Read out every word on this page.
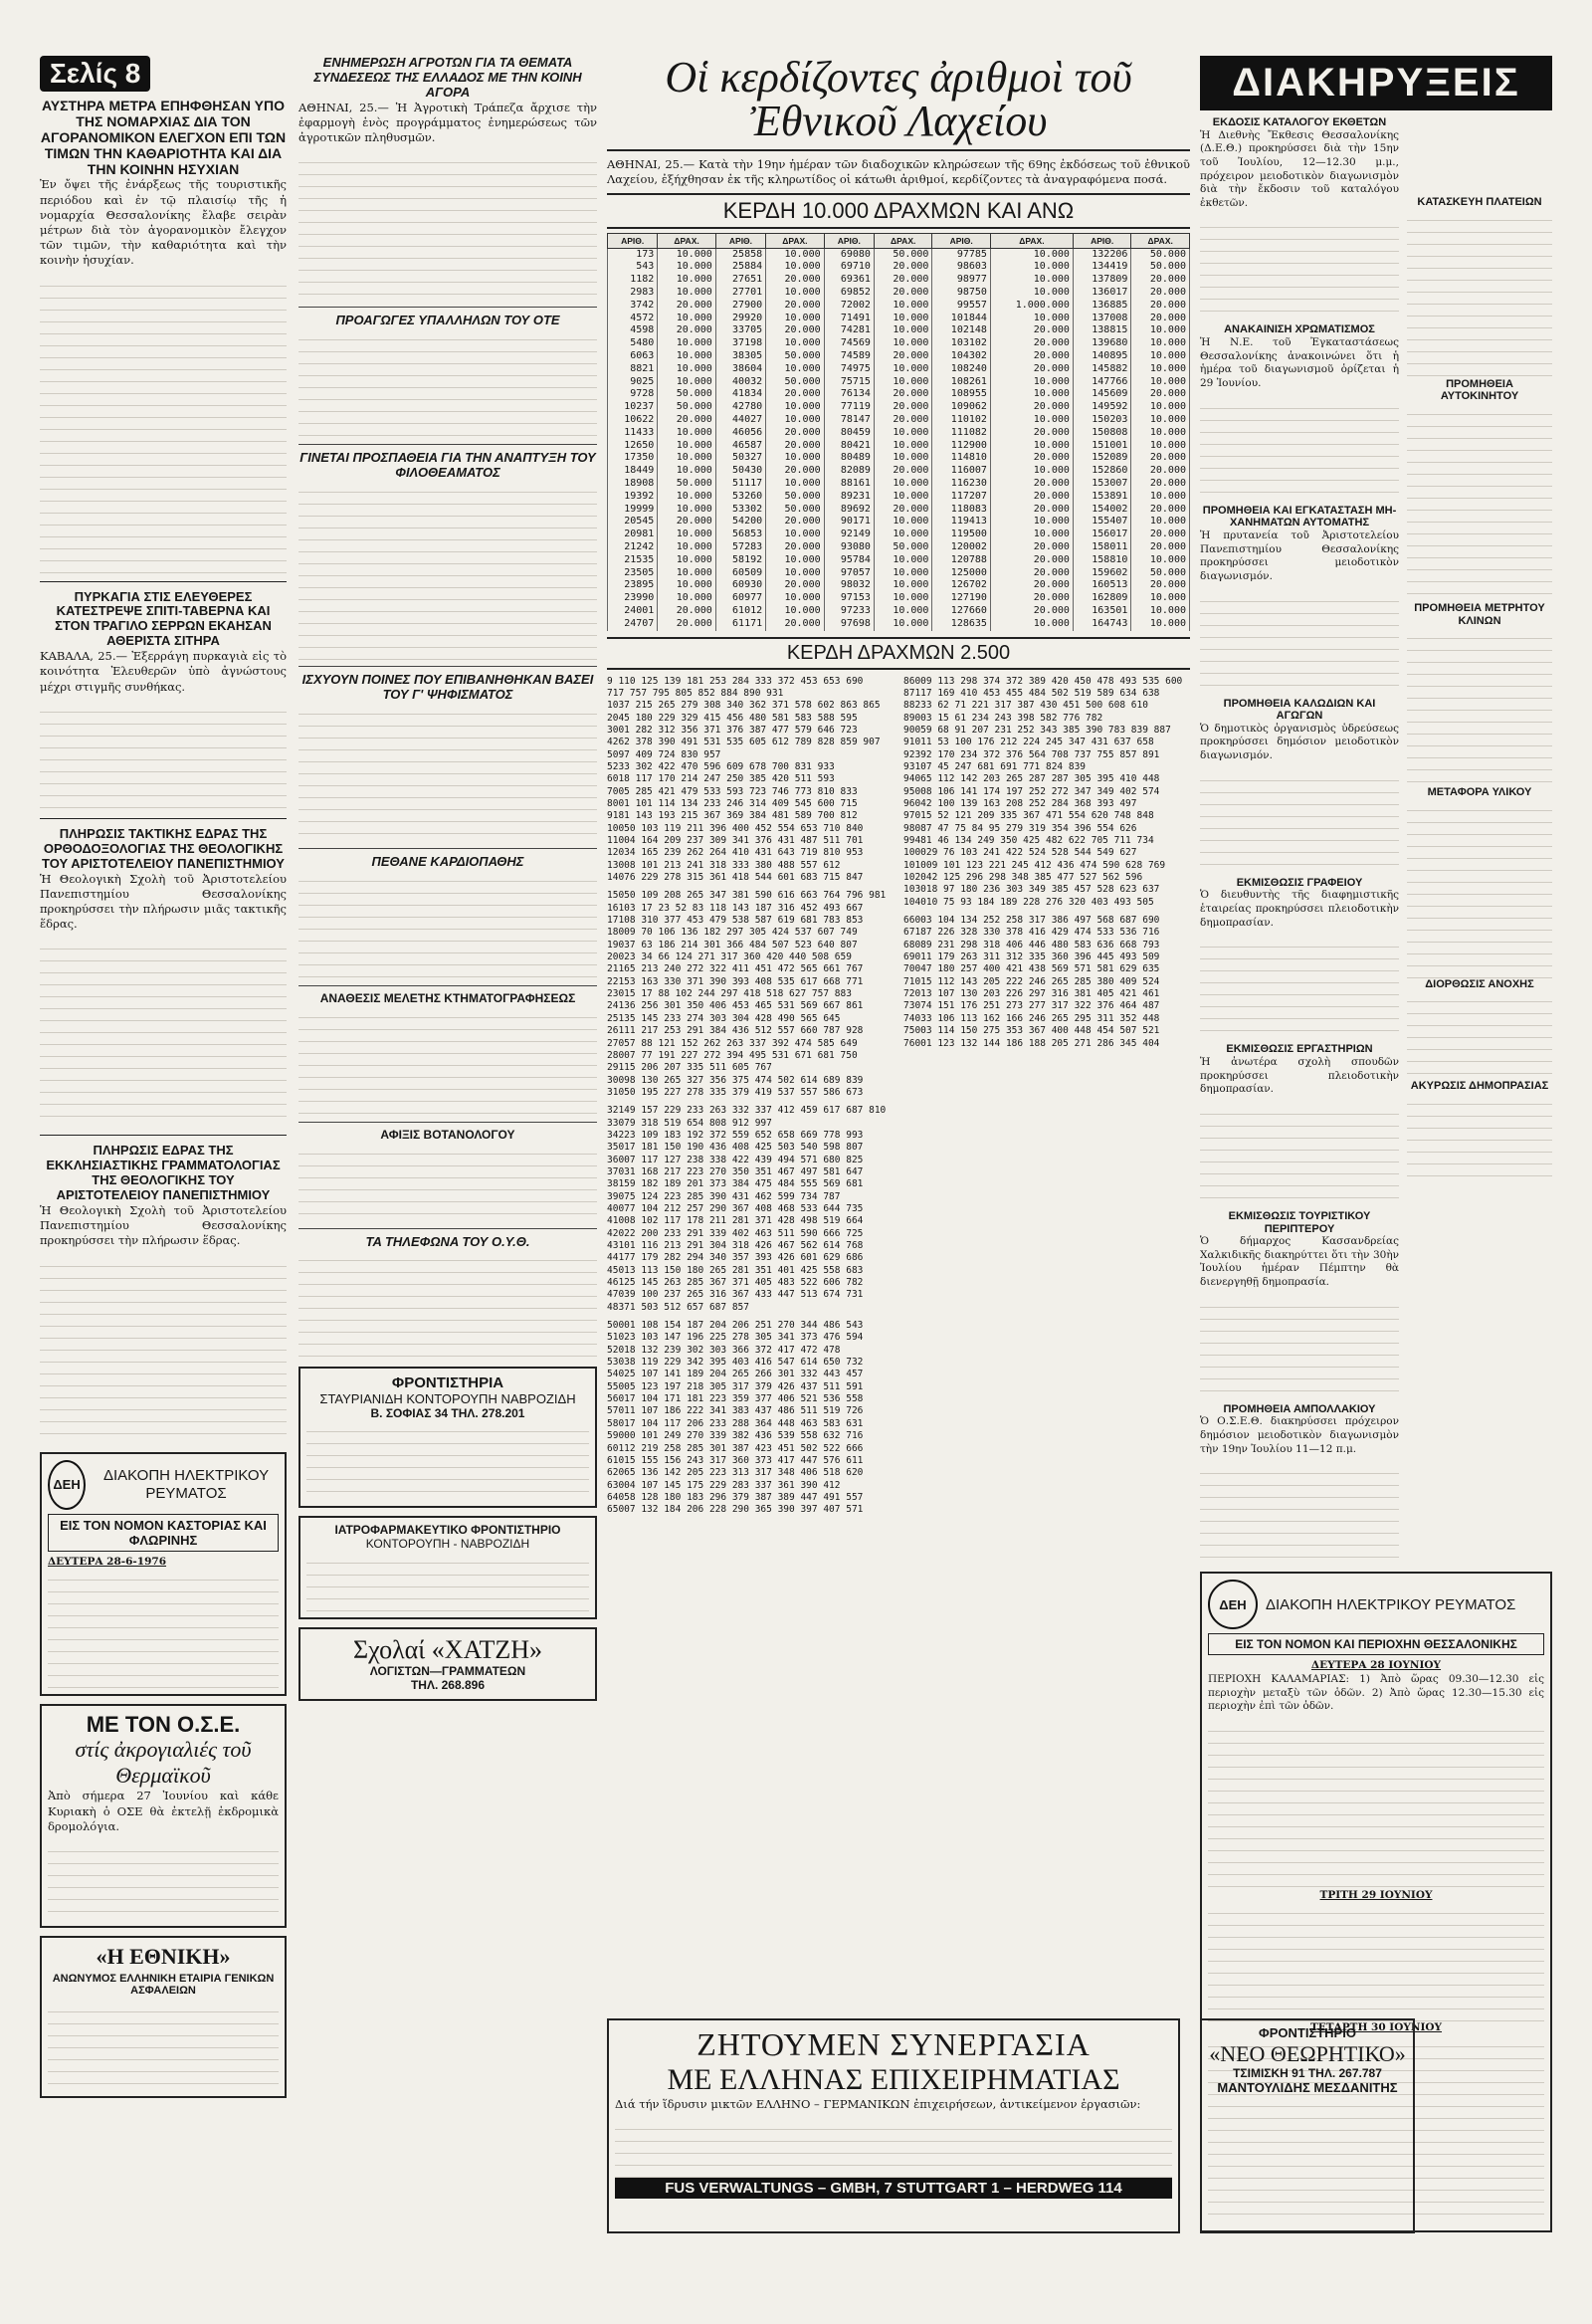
Σελίς 8
ΑΥΣΤΗΡΑ ΜΕΤΡΑ ΕΠΗΦΘΗΣΑΝ ΥΠΟ ΤΗΣ ΝΟΜΑΡΧΙΑΣ ΔΙΑ ΤΟΝ ΑΓΟΡΑΝΟΜΙΚΟΝ ΕΛΕΓΧΟΝ ΕΠΙ ΤΩΝ ΤΙΜΩΝ ΤΗΝ ΚΑΘΑΡΙΟΤΗΤΑ ΚΑΙ ΔΙΑ ΤΗΝ ΚΟΙΝΗΝ ΗΣΥΧΙΑΝ

Ἐν ὄψει τῆς ἐνάρξεως τῆς τουριστικῆς περιόδου καὶ ἐν τῷ πλαισίῳ τῆς ἡ νομαρχία Θεσσαλονίκης ἔλαβε σειρὰν μέτρων διὰ τὸν ἀγορανομικὸν ἔλεγχον τῶν τιμῶν, τὴν καθαριότητα καὶ τὴν κοινὴν ἡσυχίαν.

ΠΥΡΚΑΓΙΑ ΣΤΙΣ ΕΛΕΥΘΕΡΕΣ ΚΑΤΕΣΤΡΕΨΕ ΣΠΙΤΙ-ΤΑΒΕΡΝΑ ΚΑΙ ΣΤΟΝ ΤΡΑΓΙΛΟ ΣΕΡΡΩΝ ΕΚΑΗΣΑΝ ΑΘΕΡΙΣΤΑ ΣΙΤΗΡΑ

ΚΑΒΑΛΑ, 25.— Ἐξερράγη πυρκαγιὰ εἰς τὸ κοινότητα Ἐλευθερῶν ὑπὸ ἀγνώστους μέχρι στιγμῆς συνθήκας.

ΠΛΗΡΩΣΙΣ ΤΑΚΤΙΚΗΣ ΕΔΡΑΣ ΤΗΣ ΟΡΘΟΔΟΞΟΛΟΓΙΑΣ ΤΗΣ ΘΕΟΛΟΓΙΚΗΣ ΤΟΥ ΑΡΙΣΤΟΤΕΛΕΙΟΥ ΠΑΝΕΠΙΣΤΗΜΙΟΥ

Ἡ Θεολογικὴ Σχολὴ τοῦ Ἀριστοτελείου Πανεπιστημίου Θεσσαλονίκης προκηρύσσει τὴν πλήρωσιν μιᾶς τακτικῆς ἕδρας.

ΠΛΗΡΩΣΙΣ ΕΔΡΑΣ ΤΗΣ ΕΚΚΛΗΣΙΑΣΤΙΚΗΣ ΓΡΑΜΜΑΤΟΛΟΓΙΑΣ ΤΗΣ ΘΕΟΛΟΓΙΚΗΣ ΤΟΥ ΑΡΙΣΤΟΤΕΛΕΙΟΥ ΠΑΝΕΠΙΣΤΗΜΙΟΥ

Ἡ Θεολογικὴ Σχολὴ τοῦ Ἀριστοτελείου Πανεπιστημίου Θεσσαλονίκης προκηρύσσει τὴν πλήρωσιν ἕδρας.

ΔΕΗ
ΔΙΑΚΟΠΗ ΗΛΕΚΤΡΙΚΟΥ ΡΕΥΜΑΤΟΣ
ΕΙΣ ΤΟΝ ΝΟΜΟΝ ΚΑΣΤΟΡΙΑΣ ΚΑΙ ΦΛΩΡΙΝΗΣ
ΔΕΥΤΕΡΑ 28-6-1976
ΜΕ ΤΟΝ Ο.Σ.Ε.
στίς ἀκρογιαλιές τοῦ Θερμαϊκοῦ

Ἀπὸ σήμερα 27 Ἰουνίου καὶ κάθε Κυριακὴ ὁ ΟΣΕ θὰ ἐκτελῇ ἐκδρομικὰ δρομολόγια.

«Η ΕΘΝΙΚΗ»
ΑΝΩΝΥΜΟΣ ΕΛΛΗΝΙΚΗ ΕΤΑΙΡΙΑ ΓΕΝΙΚΩΝ ΑΣΦΑΛΕΙΩΝ
ΕΝΗΜΕΡΩΣΗ ΑΓΡΟΤΩΝ ΓΙΑ ΤΑ ΘΕΜΑΤΑ ΣΥΝΔΕΣΕΩΣ ΤΗΣ ΕΛΛΑΔΟΣ ΜΕ ΤΗΝ ΚΟΙΝΗ ΑΓΟΡΑ

ΑΘΗΝΑΙ, 25.— Ἡ Ἀγροτικὴ Τράπεζα ἄρχισε τὴν ἐφαρμογὴ ἑνὸς προγράμματος ἐνημερώσεως τῶν ἀγροτικῶν πληθυσμῶν.

ΠΡΟΑΓΩΓΕΣ ΥΠΑΛΛΗΛΩΝ ΤΟΥ ΟΤΕ
ΓΙΝΕΤΑΙ ΠΡΟΣΠΑΘΕΙΑ ΓΙΑ ΤΗΝ ΑΝΑΠΤΥΞΗ ΤΟΥ ΦΙΛΟΘΕΑΜΑΤΟΣ
ΙΣΧΥΟΥΝ ΠΟΙΝΕΣ ΠΟΥ ΕΠΙΒΑΝΗΘΗΚΑΝ ΒΑΣΕΙ ΤΟΥ Γ' ΨΗΦΙΣΜΑΤΟΣ
ΠΕΘΑΝΕ ΚΑΡΔΙΟΠΑΘΗΣ
ΑΝΑΘΕΣΙΣ ΜΕΛΕΤΗΣ ΚΤΗΜΑΤΟΓΡΑΦΗΣΕΩΣ
ΑΦΙΞΙΣ ΒΟΤΑΝΟΛΟΓΟΥ
ΤΑ ΤΗΛΕΦΩΝΑ ΤΟΥ Ο.Υ.Θ.
ΦΡΟΝΤΙΣΤΗΡΙΑ
ΣΤΑΥΡΙΑΝΙΔΗ ΚΟΝΤΟΡΟΥΠΗ ΝΑΒΡΟΖΙΔΗ
Β. ΣΟΦΙΑΣ 34 ΤΗΛ. 278.201
ΙΑΤΡΟΦΑΡΜΑΚΕΥΤΙΚΟ ΦΡΟΝΤΙΣΤΗΡΙΟ
ΚΟΝΤΟΡΟΥΠΗ - ΝΑΒΡΟΖΙΔΗ
Σχολαί «ΧΑΤΖΗ»
ΛΟΓΙΣΤΩΝ—ΓΡΑΜΜΑΤΕΩΝ
ΤΗΛ. 268.896
Οἱ κερδίζοντες ἀριθμοὶ τοῦ Ἐθνικοῦ Λαχείου

ΑΘΗΝΑΙ, 25.— Κατὰ τὴν 19ην ἡμέραν τῶν διαδοχικῶν κληρώσεων τῆς 69ης ἐκδόσεως τοῦ ἐθνικοῦ Λαχείου, ἐξήχθησαν ἐκ τῆς κληρωτίδος οἱ κάτωθι ἀριθμοί, κερδίζοντες τὰ ἀναγραφόμενα ποσά.

ΚΕΡΔΗ 10.000 ΔΡΑΧΜΩΝ ΚΑΙ ΑΝΩ
ΑΡΙΘ.	ΔΡΑΧ.	ΑΡΙΘ.	ΔΡΑΧ.	ΑΡΙΘ.	ΔΡΑΧ.	ΑΡΙΘ.	ΔΡΑΧ.	ΑΡΙΘ.	ΔΡΑΧ.
173	10.000	25858	10.000	69080	50.000	97785	10.000	132206	50.000
543	10.000	25884	10.000	69710	20.000	98603	10.000	134419	50.000
1182	10.000	27651	20.000	69361	20.000	98977	10.000	137809	20.000
2983	10.000	27701	10.000	69852	20.000	98750	10.000	136017	20.000
3742	20.000	27900	20.000	72002	10.000	99557	1.000.000	136885	20.000
4572	10.000	29920	10.000	71491	10.000	101844	10.000	137008	20.000
4598	20.000	33705	20.000	74281	10.000	102148	20.000	138815	10.000
5480	10.000	37198	10.000	74569	10.000	103102	20.000	139680	10.000
6063	10.000	38305	50.000	74589	20.000	104302	20.000	140895	10.000
8821	10.000	38604	10.000	74975	10.000	108240	20.000	145882	10.000
9025	10.000	40032	50.000	75715	10.000	108261	10.000	147766	10.000
9728	50.000	41834	20.000	76134	20.000	108955	10.000	145609	20.000
10237	50.000	42780	10.000	77119	20.000	109062	20.000	149592	10.000
10622	20.000	44027	10.000	78147	20.000	110102	10.000	150203	10.000
11433	10.000	46056	20.000	80459	10.000	111082	20.000	150808	10.000
12650	10.000	46587	20.000	80421	10.000	112900	10.000	151001	10.000
17350	10.000	50327	10.000	80489	10.000	114810	20.000	152089	20.000
18449	10.000	50430	20.000	82089	20.000	116007	10.000	152860	20.000
18908	50.000	51117	10.000	88161	10.000	116230	20.000	153007	20.000
19392	10.000	53260	50.000	89231	10.000	117207	20.000	153891	10.000
19999	10.000	53302	50.000	89692	20.000	118083	20.000	154002	20.000
20545	20.000	54200	20.000	90171	10.000	119413	10.000	155407	10.000
20981	10.000	56853	10.000	92149	10.000	119500	10.000	156017	20.000
21242	10.000	57283	20.000	93080	50.000	120002	20.000	158011	20.000
21535	10.000	58192	10.000	95784	10.000	120788	20.000	158810	10.000
23505	10.000	60509	10.000	97057	10.000	125000	20.000	159602	50.000
23895	10.000	60930	20.000	98032	10.000	126702	20.000	160513	20.000
23990	10.000	60977	10.000	97153	10.000	127190	20.000	162809	10.000
24001	20.000	61012	10.000	97233	10.000	127660	20.000	163501	10.000
24707	20.000	61171	20.000	97698	10.000	128635	10.000	164743	10.000
ΚΕΡΔΗ ΔΡΑΧΜΩΝ 2.500
9 110 125 139 181 253 284 333 372 453 653 690
717 757 795 805 852 884 890 931
1037 215 265 279 308 340 362 371 578 602 863 865
2045 180 229 329 415 456 480 581 583 588 595
3001 282 312 356 371 376 387 477 579 646 723
4262 378 390 491 531 535 605 612 789 828 859 907
5097 409 724 830 957
5233 302 422 470 596 609 678 700 831 933
6018 117 170 214 247 250 385 420 511 593
7005 285 421 479 533 593 723 746 773 810 833
8001 101 114 134 233 246 314 409 545 600 715
9181 143 193 215 367 369 384 481 589 700 812
10050 103 119 211 396 400 452 554 653 710 840
11004 164 209 237 309 341 376 431 487 511 701
12034 165 239 262 264 410 431 643 719 810 953
13008 101 213 241 318 333 380 488 557 612
14076 229 278 315 361 418 544 601 683 715 847
15050 109 208 265 347 381 590 616 663 764 796 981
16103 17 23 52 83 118 143 187 316 452 493 667
17108 310 377 453 479 538 587 619 681 783 853
18009 70 106 136 182 297 305 424 537 607 749
19037 63 186 214 301 366 484 507 523 640 807
20023 34 66 124 271 317 360 420 440 508 659
21165 213 240 272 322 411 451 472 565 661 767
22153 163 330 371 390 393 408 535 617 668 771
23015 17 88 102 244 297 418 518 627 757 883
24136 256 301 350 406 453 465 531 569 667 861
25135 145 233 274 303 304 428 490 565 645
26111 217 253 291 384 436 512 557 660 787 928
27057 88 121 152 262 263 337 392 474 585 649
28007 77 191 227 272 394 495 531 671 681 750
29115 206 207 335 511 605 767
30098 130 265 327 356 375 474 502 614 689 839
31050 195 227 278 335 379 419 537 557 586 673
32149 157 229 233 263 332 337 412 459 617 687 810
33079 318 519 654 808 912 997
34223 109 183 192 372 559 652 658 669 778 993
35017 181 150 190 436 408 425 503 540 598 807
36007 117 127 238 338 422 439 494 571 680 825
37031 168 217 223 270 350 351 467 497 581 647
38159 182 189 201 373 384 475 484 555 569 681
39075 124 223 285 390 431 462 599 734 787
40077 104 212 257 290 367 408 468 533 644 735
41008 102 117 178 211 281 371 428 498 519 664
42022 200 233 291 339 402 463 511 590 666 725
43101 116 213 291 304 318 426 467 562 614 768
44177 179 282 294 340 357 393 426 601 629 686
45013 113 150 180 265 281 351 401 425 558 683
46125 145 263 285 367 371 405 483 522 606 782
47039 100 237 265 316 367 433 447 513 674 731
48371 503 512 657 687 857
50001 108 154 187 204 206 251 270 344 486 543
51023 103 147 196 225 278 305 341 373 476 594
52018 132 239 302 303 366 372 417 472 478
53038 119 229 342 395 403 416 547 614 650 732
54025 107 141 189 204 265 266 301 332 443 457
55005 123 197 218 305 317 379 426 437 511 591
56017 104 171 181 223 359 377 406 521 536 558
57011 107 186 222 341 383 437 486 511 519 726
58017 104 117 206 233 288 364 448 463 583 631
59000 101 249 270 339 382 436 539 558 632 716
60112 219 258 285 301 387 423 451 502 522 666
61015 155 156 243 317 360 373 417 447 576 611
62065 136 142 205 223 313 317 348 406 518 620
63004 107 145 175 229 283 337 361 390 412
64058 128 180 183 296 379 387 389 447 491 557
65007 132 184 206 228 290 365 390 397 407 571
86009 113 298 374 372 389 420 450 478 493 535 600
87117 169 410 453 455 484 502 519 589 634 638
88233 62 71 221 317 387 430 451 500 608 610
89003 15 61 234 243 398 582 776 782
90059 68 91 207 231 252 343 385 390 783 839 887
91011 53 100 176 212 224 245 347 431 637 658
92392 170 234 372 376 564 708 737 755 857 891
93107 45 247 681 691 771 824 839
94065 112 142 203 265 287 287 305 395 410 448
95008 106 141 174 197 252 272 347 349 402 574
96042 100 139 163 208 252 284 368 393 497
97015 52 121 209 335 367 471 554 620 748 848
98087 47 75 84 95 279 319 354 396 554 626
99481 46 134 249 350 425 482 622 705 711 734
100029 76 103 241 422 524 528 544 549 627
101009 101 123 221 245 412 436 474 590 628 769
102042 125 296 298 348 385 477 527 562 596
103018 97 180 236 303 349 385 457 528 623 637
104010 75 93 184 189 228 276 320 403 493 505
66003 104 134 252 258 317 386 497 568 687 690
67187 226 328 330 378 416 429 474 533 536 716
68089 231 298 318 406 446 480 583 636 668 793
69011 179 263 311 312 335 360 396 445 493 509
70047 180 257 400 421 438 569 571 581 629 635
71015 112 143 205 222 246 265 285 380 409 524
72013 107 130 203 226 297 316 381 405 421 461
73074 151 176 251 273 277 317 322 376 464 487
74033 106 113 162 166 246 265 295 311 352 448
75003 114 150 275 353 367 400 448 454 507 521
76001 123 132 144 186 188 205 271 286 345 404
ΔΙΑΚΗΡΥΞΕΙΣ
ΕΚΔΟΣΙΣ ΚΑΤΑΛΟΓΟΥ ΕΚΘΕΤΩΝ

Ἡ Διεθνὴς Ἔκθεσις Θεσσαλονίκης (Δ.Ε.Θ.) προκηρύσσει διὰ τὴν 15ην τοῦ Ἰουλίου, 12—12.30 μ.μ., πρόχειρον μειοδοτικὸν διαγωνισμὸν διὰ τὴν ἔκδοσιν τοῦ καταλόγου ἐκθετῶν.

ΑΝΑΚΑΙΝΙΣΗ ΧΡΩΜΑΤΙΣΜΟΣ

Ἡ Ν.Ε. τοῦ Ἐγκαταστάσεως Θεσσαλονίκης ἀνακοινώνει ὅτι ἡ ἡμέρα τοῦ διαγωνισμοῦ ὁρίζεται ἡ 29 Ἰουνίου.

ΠΡΟΜΗΘΕΙΑ ΚΑΙ ΕΓΚΑΤΑΣΤΑΣΗ ΜΗ-ΧΑΝΗΜΑΤΩΝ ΑΥΤΟΜΑΤΗΣ

Ἡ πρυτανεία τοῦ Ἀριστοτελείου Πανεπιστημίου Θεσσαλονίκης προκηρύσσει μειοδοτικὸν διαγωνισμόν.

ΠΡΟΜΗΘΕΙΑ ΚΑΛΩΔΙΩΝ ΚΑΙ ΑΓΩΓΩΝ

Ὁ δημοτικὸς ὀργανισμὸς ὑδρεύσεως προκηρύσσει δημόσιον μειοδοτικὸν διαγωνισμόν.

ΕΚΜΙΣΘΩΣΙΣ ΓΡΑΦΕΙΟΥ

Ὁ διευθυντὴς τῆς διαφημιστικῆς ἑταιρείας προκηρύσσει πλειοδοτικὴν δημοπρασίαν.

ΕΚΜΙΣΘΩΣΙΣ ΕΡΓΑΣΤΗΡΙΩΝ

Ἡ ἀνωτέρα σχολὴ σπουδῶν προκηρύσσει πλειοδοτικὴν δημοπρασίαν.

ΕΚΜΙΣΘΩΣΙΣ ΤΟΥΡΙΣΤΙΚΟΥ ΠΕΡΙΠΤΕΡΟΥ

Ὁ δήμαρχος Κασσανδρείας Χαλκιδικῆς διακηρύττει ὅτι τὴν 30ὴν Ἰουλίου ἡμέραν Πέμπτην θὰ διενεργηθῇ δημοπρασία.

ΠΡΟΜΗΘΕΙΑ ΑΜΠΟΛΛΑΚΙΟΥ

Ὁ Ο.Σ.Ε.Θ. διακηρύσσει πρόχειρον δημόσιον μειοδοτικὸν διαγωνισμὸν τὴν 19ην Ἰουλίου 11—12 π.μ.

ΚΑΤΑΣΚΕΥΗ ΠΛΑΤΕΙΩΝ
ΠΡΟΜΗΘΕΙΑ ΑΥΤΟΚΙΝΗΤΟΥ
ΠΡΟΜΗΘΕΙΑ ΜΕΤΡΗΤΟΥ ΚΛΙΝΩΝ
ΜΕΤΑΦΟΡΑ ΥΛΙΚΟΥ
ΔΙΟΡΘΩΣΙΣ ΑΝΟΧΗΣ
ΑΚΥΡΩΣΙΣ ΔΗΜΟΠΡΑΣΙΑΣ
ΔΕΗ	ΔΙΑΚΟΠΗ ΗΛΕΚΤΡΙΚΟΥ ΡΕΥΜΑΤΟΣ
ΕΙΣ ΤΟΝ ΝΟΜΟΝ ΚΑΙ ΠΕΡΙΟΧΗΝ ΘΕΣΣΑΛΟΝΙΚΗΣ
ΔΕΥΤΕΡΑ 28 ΙΟΥΝΙΟΥ

ΠΕΡΙΟΧΗ ΚΑΛΑΜΑΡΙΑΣ: 1) Ἀπὸ ὥρας 09.30—12.30 εἰς περιοχὴν μεταξὺ τῶν ὁδῶν. 2) Ἀπὸ ὥρας 12.30—15.30 εἰς περιοχὴν ἐπὶ τῶν ὁδῶν.

ΤΡΙΤΗ 29 ΙΟΥΝΙΟΥ
ΤΕΤΑΡΤΗ 30 ΙΟΥΝΙΟΥ
ΖΗΤΟΥΜΕΝ ΣΥΝΕΡΓΑΣΙΑ
ΜΕ ΕΛΛΗΝΑΣ ΕΠΙΧΕΙΡΗΜΑΤΙΑΣ

Διά τήν ἵδρυσιν μικτῶν ΕΛΛΗΝΟ – ΓΕΡΜΑΝΙΚΩΝ ἐπιχειρήσεων, ἀντικείμενον ἐργασιῶν:

FUS VERWALTUNGS – GMBH, 7 STUTTGART 1 – HERDWEG 114
ΦΡΟΝΤΙΣΤΗΡΙΟ
«ΝΕΟ ΘΕΩΡΗΤΙΚΟ»
ΤΣΙΜΙΣΚΗ 91 ΤΗΛ. 267.787
ΜΑΝΤΟΥΛΙΔΗΣ ΜΕΣΔΑΝΙΤΗΣ
